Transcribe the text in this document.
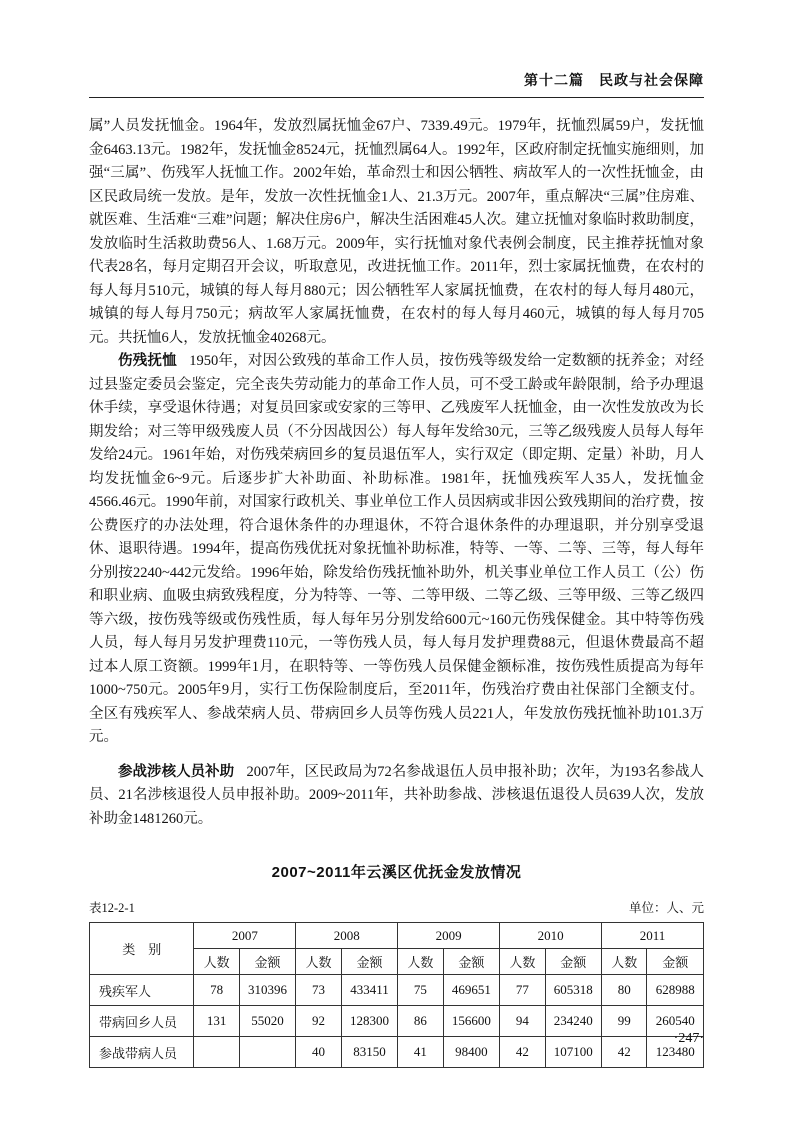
第十二篇　民政与社会保障

属”人员发抚恤金。1964年，发放烈属抚恤金67户、7339.49元。1979年，抚恤烈属59户，发抚恤金6463.13元。1982年，发抚恤金8524元，抚恤烈属64人。1992年，区政府制定抚恤实施细则，加强“三属”、伤残军人抚恤工作。2002年始，革命烈士和因公牺牲、病故军人的一次性抚恤金，由区民政局统一发放。是年，发放一次性抚恤金1人、21.3万元。2007年，重点解决“三属”住房难、就医难、生活难“三难”问题；解决住房6户，解决生活困难45人次。建立抚恤对象临时救助制度，发放临时生活救助费56人、1.68万元。2009年，实行抚恤对象代表例会制度，民主推荐抚恤对象代表28名，每月定期召开会议，听取意见，改进抚恤工作。2011年，烈士家属抚恤费，在农村的每人每月510元，城镇的每人每月880元；因公牺牲军人家属抚恤费，在农村的每人每月480元，城镇的每人每月750元；病故军人家属抚恤费，在农村的每人每月460元，城镇的每人每月705元。共抚恤6人，发放抚恤金40268元。

伤残抚恤 1950年，对因公致残的革命工作人员，按伤残等级发给一定数额的抚养金；对经过县鉴定委员会鉴定，完全丧失劳动能力的革命工作人员，可不受工龄或年龄限制，给予办理退休手续，享受退休待遇；对复员回家或安家的三等甲、乙残废军人抚恤金，由一次性发放改为长期发给；对三等甲级残废人员（不分因战因公）每人每年发给30元，三等乙级残废人员每人每年发给24元。1961年始，对伤残荣病回乡的复员退伍军人，实行双定（即定期、定量）补助，月人均发抚恤金6~9元。后逐步扩大补助面、补助标准。1981年，抚恤残疾军人35人，发抚恤金4566.46元。1990年前，对国家行政机关、事业单位工作人员因病或非因公致残期间的治疗费，按公费医疗的办法处理，符合退休条件的办理退休，不符合退休条件的办理退职，并分别享受退休、退职待遇。1994年，提高伤残优抚对象抚恤补助标准，特等、一等、二等、三等，每人每年分别按2240~442元发给。1996年始，除发给伤残抚恤补助外，机关事业单位工作人员工（公）伤和职业病、血吸虫病致残程度，分为特等、一等、二等甲级、二等乙级、三等甲级、三等乙级四等六级，按伤残等级或伤残性质，每人每年另分别发给600元~160元伤残保健金。其中特等伤残人员，每人每月另发护理费110元，一等伤残人员，每人每月发护理费88元，但退休费最高不超过本人原工资额。1999年1月，在职特等、一等伤残人员保健金额标准，按伤残性质提高为每年1000~750元。2005年9月，实行工伤保险制度后，至2011年，伤残治疗费由社保部门全额支付。全区有残疾军人、参战荣病人员、带病回乡人员等伤残人员221人，年发放伤残抚恤补助101.3万元。

参战涉核人员补助 2007年，区民政局为72名参战退伍人员申报补助；次年，为193名参战人员、21名涉核退役人员申报补助。2009~2011年，共补助参战、涉核退伍退役人员639人次，发放补助金1481260元。

2007~2011年云溪区优抚金发放情况
表12-2-1	单位：人、元
类　别	2007		2008		2009		2010		2011	
	人数	金额	人数	金额	人数	金额	人数	金额	人数	金额
残疾军人	78	310396	73	433411	75	469651	77	605318	80	628988
带病回乡人员	131	55020	92	128300	86	156600	94	234240	99	260540
参战带病人员			40	83150	41	98400	42	107100	42	123480
·247·
